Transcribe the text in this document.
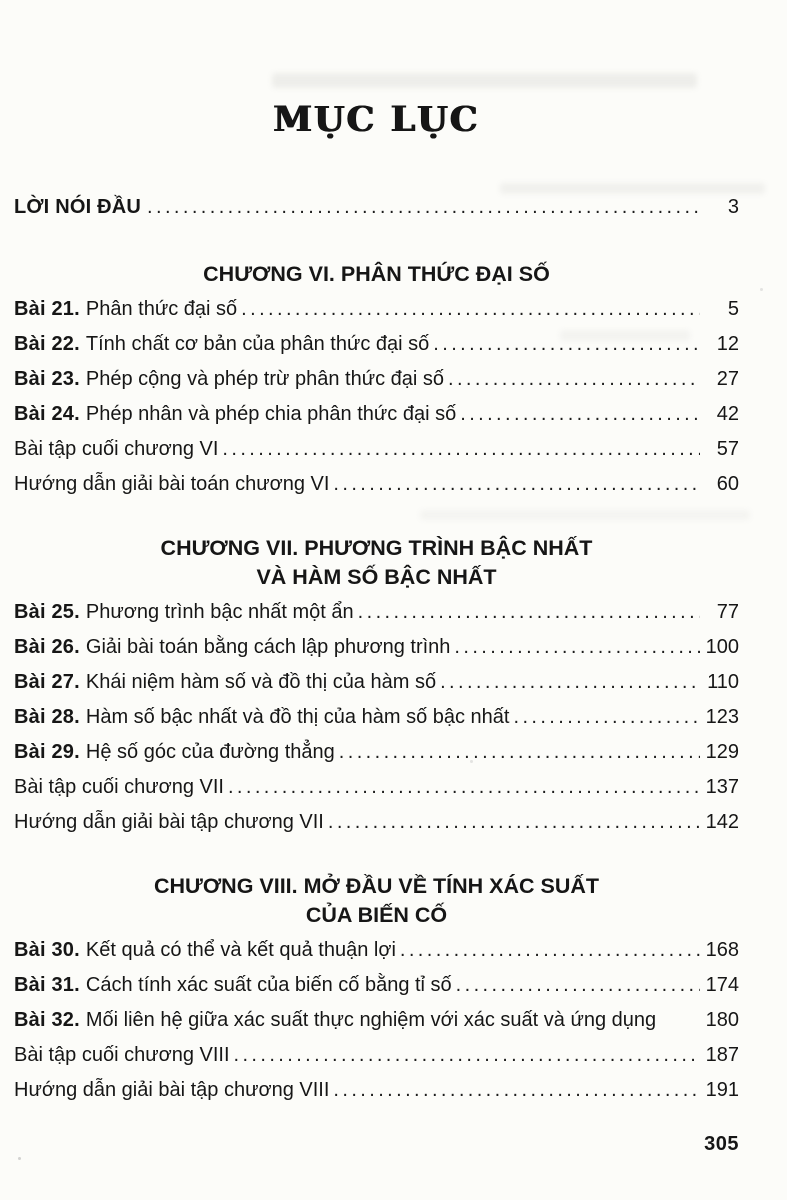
MỤC LỤC
LỜI NÓI ĐẦU .....	3
CHƯƠNG VI. PHÂN THỨC ĐẠI SỐ
Bài 21. Phân thức đại số .....	5
Bài 22. Tính chất cơ bản của phân thức đại số .....	12
Bài 23. Phép cộng và phép trừ phân thức đại số .....	27
Bài 24. Phép nhân và phép chia phân thức đại số .....	42
Bài tập cuối chương VI .....	57
Hướng dẫn giải bài toán chương VI .....	60
CHƯƠNG VII. PHƯƠNG TRÌNH BẬC NHẤT
VÀ HÀM SỐ BẬC NHẤT
Bài 25. Phương trình bậc nhất một ẩn .....	77
Bài 26. Giải bài toán bằng cách lập phương trình .....	100
Bài 27. Khái niệm hàm số và đồ thị của hàm số .....	110
Bài 28. Hàm số bậc nhất và đồ thị của hàm số bậc nhất .....	123
Bài 29. Hệ số góc của đường thẳng .....	129
Bài tập cuối chương VII .....	137
Hướng dẫn giải bài tập chương VII .....	142
CHƯƠNG VIII. MỞ ĐẦU VỀ TÍNH XÁC SUẤT
CỦA BIẾN CỐ
Bài 30. Kết quả có thể và kết quả thuận lợi .....	168
Bài 31. Cách tính xác suất của biến cố bằng tỉ số .....	174
Bài 32. Mối liên hệ giữa xác suất thực nghiệm với xác suất và ứng dụng 180
Bài tập cuối chương VIII .....	187
Hướng dẫn giải bài tập chương VIII .....	191
305
